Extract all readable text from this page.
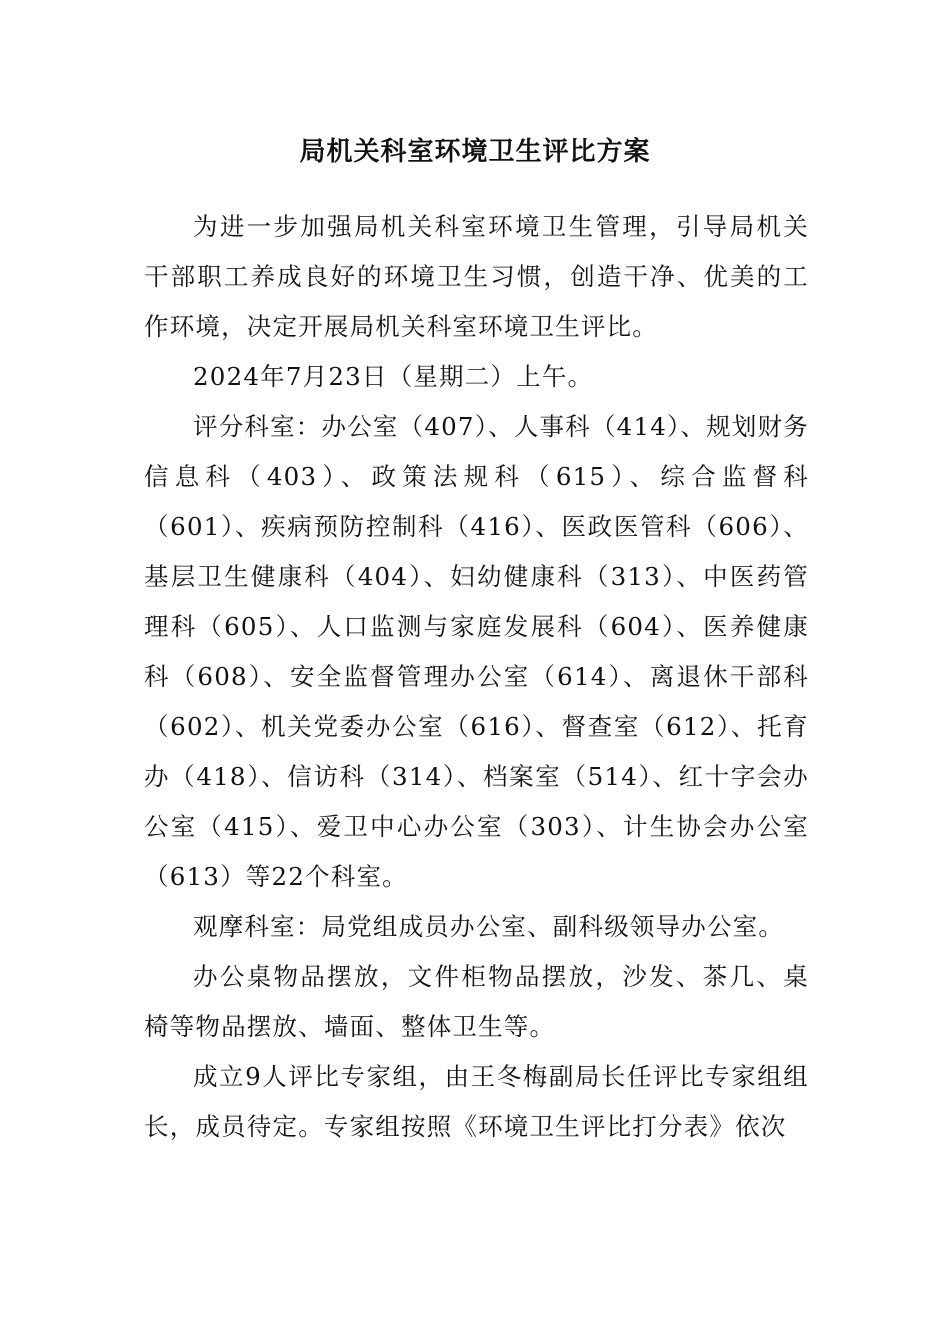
局机关科室环境卫生评比方案

为进一步加强局机关科室环境卫生管理，引导局机关干部职工养成良好的环境卫生习惯，创造干净、优美的工作环境，决定开展局机关科室环境卫生评比。

2024年7月23日（星期二）上午。

评分科室：办公室（407）、人事科（414）、规划财务信息科（403）、政策法规科（615）、综合监督科（601）、疾病预防控制科（416）、医政医管科（606）、基层卫生健康科（404）、妇幼健康科（313）、中医药管理科（605）、人口监测与家庭发展科（604）、医养健康科（608）、安全监督管理办公室（614）、离退休干部科（602）、机关党委办公室（616）、督查室（612）、托育办（418）、信访科（314）、档案室（514）、红十字会办公室（415）、爱卫中心办公室（303）、计生协会办公室（613）等22个科室。

观摩科室：局党组成员办公室、副科级领导办公室。

办公桌物品摆放，文件柜物品摆放，沙发、茶几、桌椅等物品摆放、墙面、整体卫生等。

成立9人评比专家组，由王冬梅副局长任评比专家组组长，成员待定。专家组按照《环境卫生评比打分表》依次
